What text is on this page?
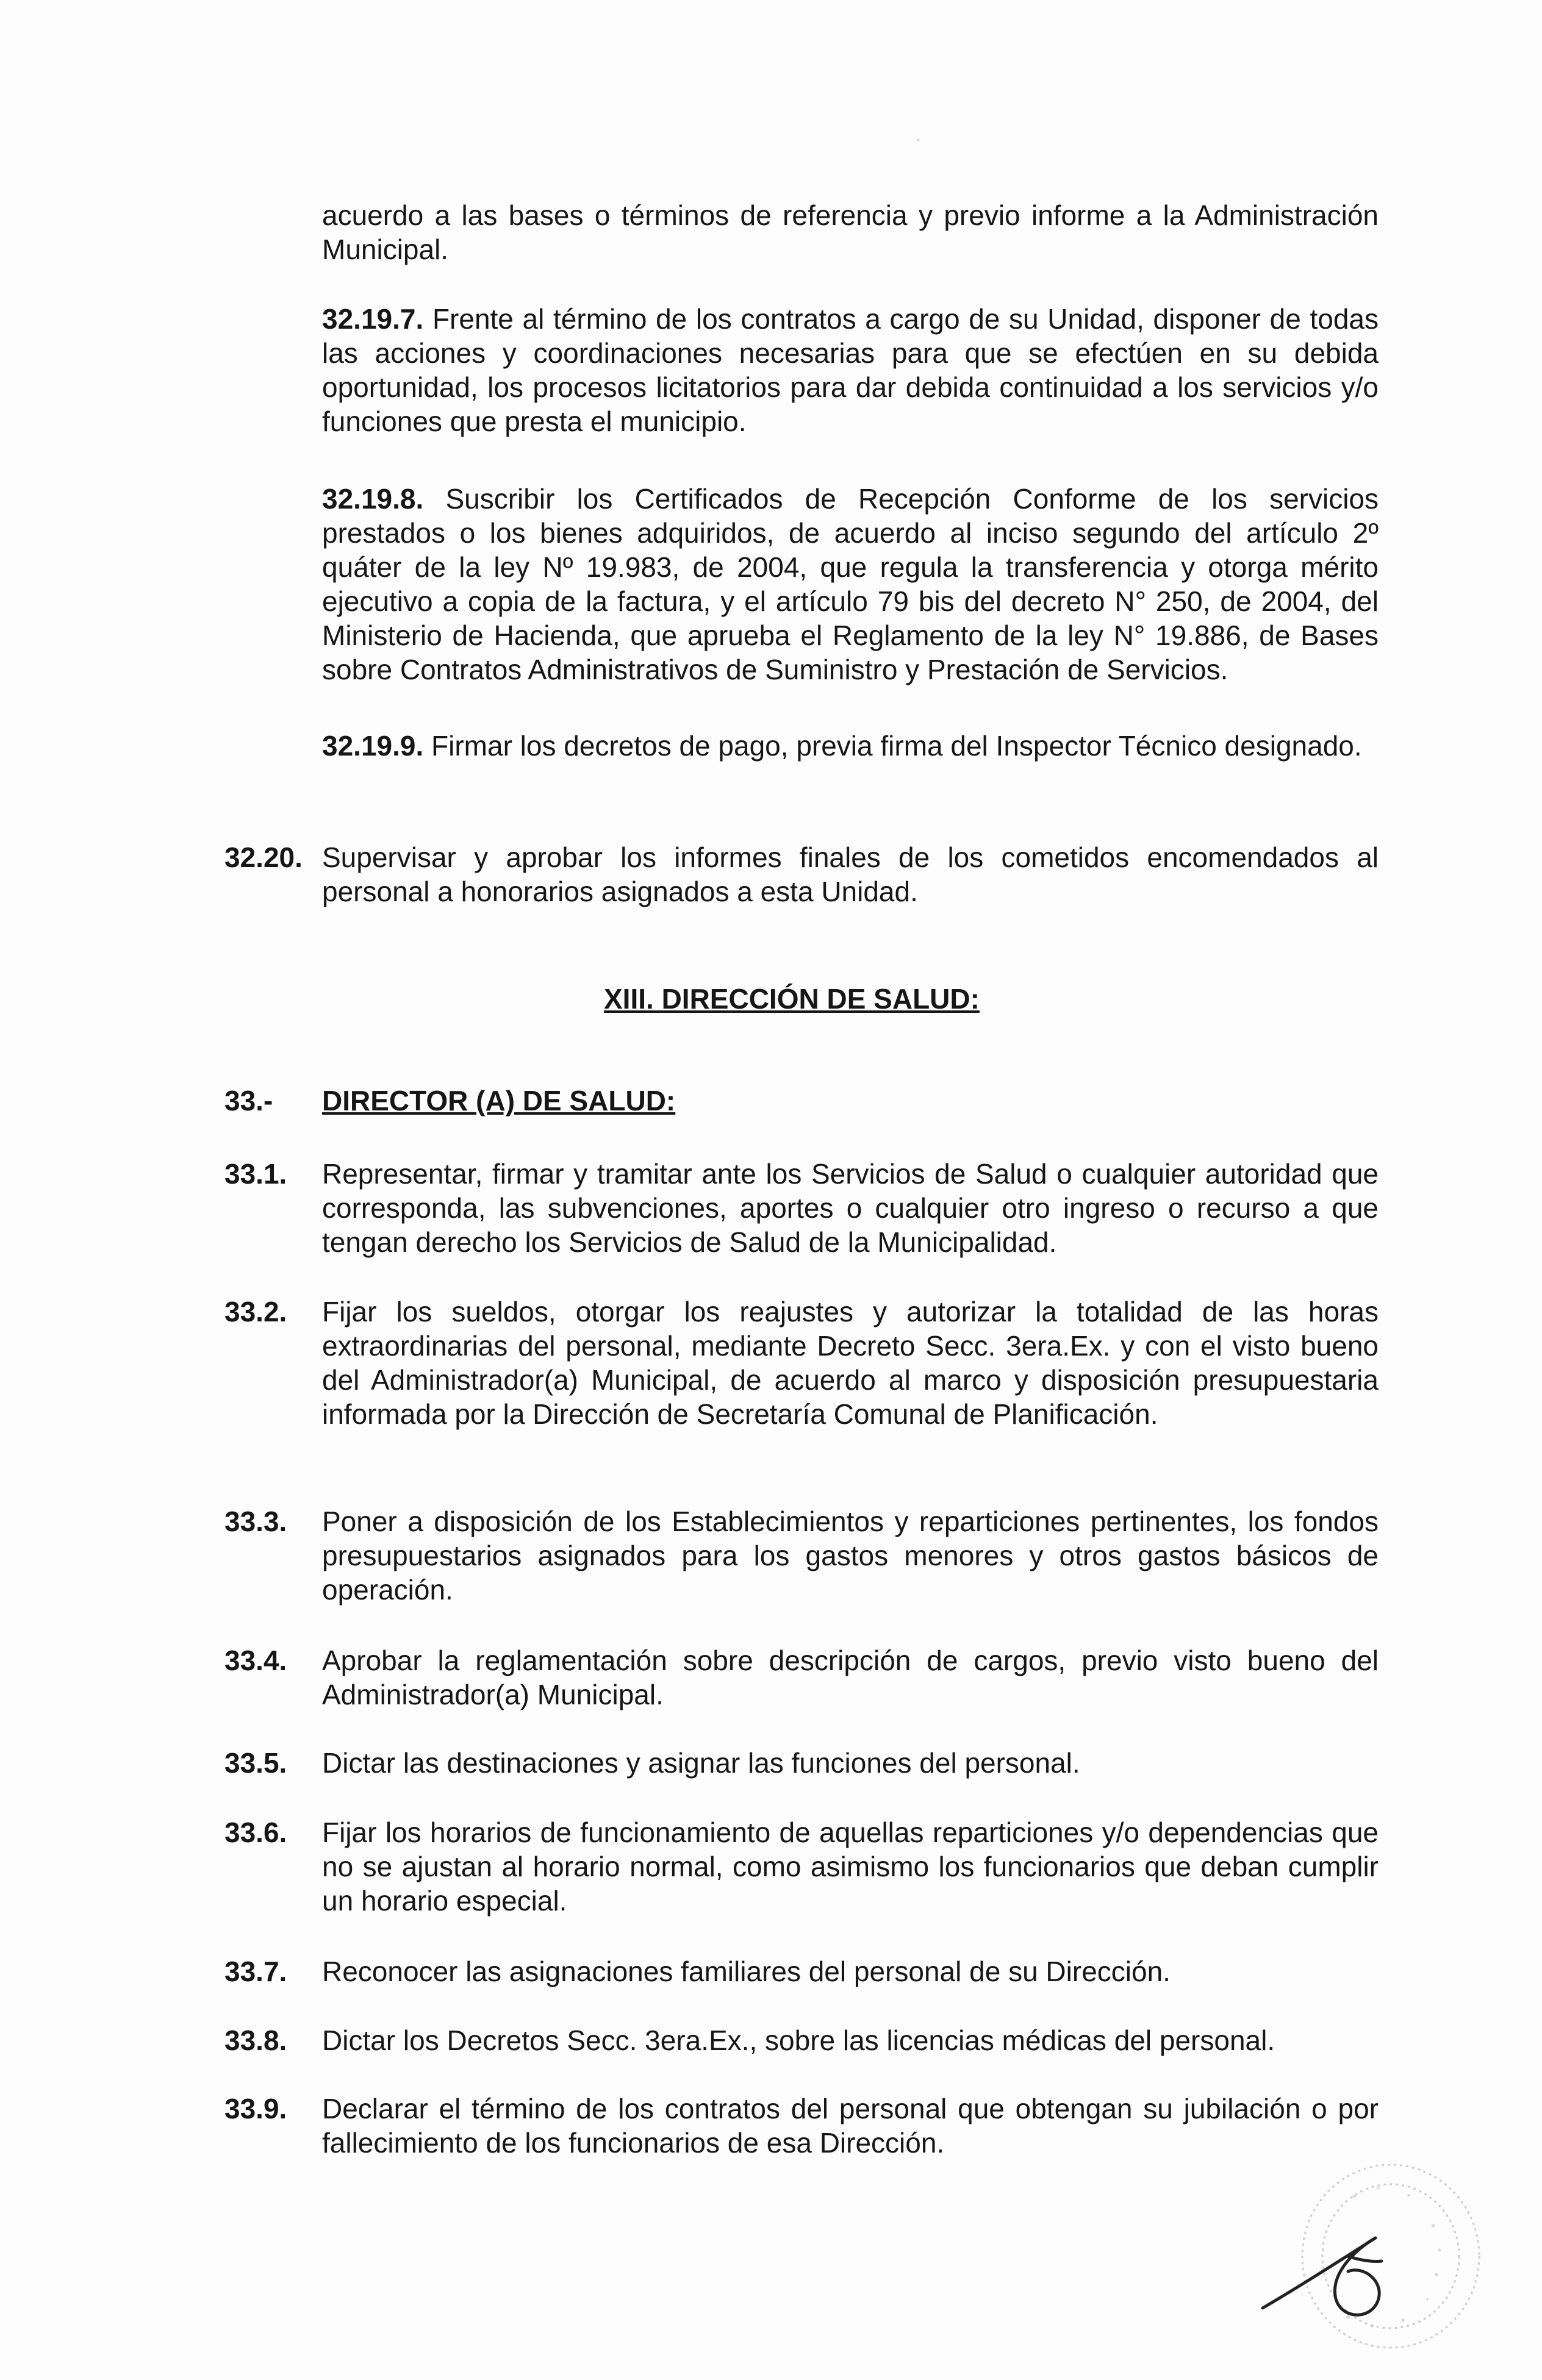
acuerdo a las bases o términos de referencia y previo informe a la Administración Municipal.

32.19.7. Frente al término de los contratos a cargo de su Unidad, disponer de todas las acciones y coordinaciones necesarias para que se efectúen en su debida oportunidad, los procesos licitatorios para dar debida continuidad a los servicios y/o funciones que presta el municipio.

32.19.8. Suscribir los Certificados de Recepción Conforme de los servicios prestados o los bienes adquiridos, de acuerdo al inciso segundo del artículo 2º quáter de la ley Nº 19.983, de 2004, que regula la transferencia y otorga mérito ejecutivo a copia de la factura, y el artículo 79 bis del decreto N° 250, de 2004, del Ministerio de Hacienda, que aprueba el Reglamento de la ley N° 19.886, de Bases sobre Contratos Administrativos de Suministro y Prestación de Servicios.

32.19.9. Firmar los decretos de pago, previa firma del Inspector Técnico designado.

32.20. Supervisar y aprobar los informes finales de los cometidos encomendados al personal a honorarios asignados a esta Unidad.

XIII. DIRECCIÓN DE SALUD:

33.- DIRECTOR (A) DE SALUD:

33.1. Representar, firmar y tramitar ante los Servicios de Salud o cualquier autoridad que corresponda, las subvenciones, aportes o cualquier otro ingreso o recurso a que tengan derecho los Servicios de Salud de la Municipalidad.

33.2. Fijar los sueldos, otorgar los reajustes y autorizar la totalidad de las horas extraordinarias del personal, mediante Decreto Secc. 3era.Ex. y con el visto bueno del Administrador(a) Municipal, de acuerdo al marco y disposición presupuestaria informada por la Dirección de Secretaría Comunal de Planificación.

33.3. Poner a disposición de los Establecimientos y reparticiones pertinentes, los fondos presupuestarios asignados para los gastos menores y otros gastos básicos de operación.

33.4. Aprobar la reglamentación sobre descripción de cargos, previo visto bueno del Administrador(a) Municipal.

33.5. Dictar las destinaciones y asignar las funciones del personal.

33.6. Fijar los horarios de funcionamiento de aquellas reparticiones y/o dependencias que no se ajustan al horario normal, como asimismo los funcionarios que deban cumplir un horario especial.

33.7. Reconocer las asignaciones familiares del personal de su Dirección.

33.8. Dictar los Decretos Secc. 3era.Ex., sobre las licencias médicas del personal.

33.9. Declarar el término de los contratos del personal que obtengan su jubilación o por fallecimiento de los funcionarios de esa Dirección.
